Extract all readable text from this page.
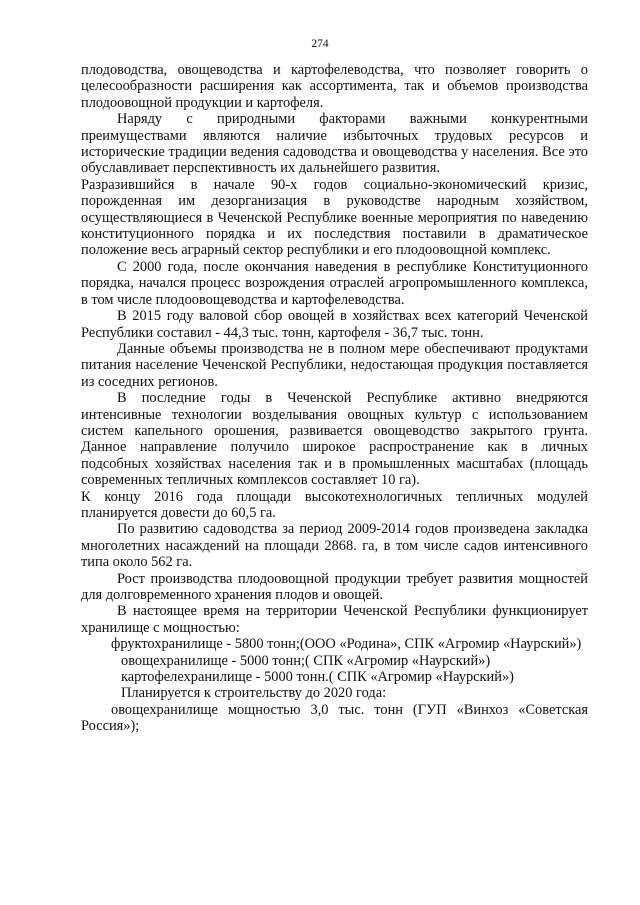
274

плодоводства, овощеводства и картофелеводства, что позволяет говорить о целесообразности расширения как ассортимента, так и объемов производства плодоовощной продукции и картофеля.

Наряду с природными факторами важными конкурентными преимуществами являются наличие избыточных трудовых ресурсов и исторические традиции ведения садоводства и овощеводства у населения. Все это обуславливает перспективность их дальнейшего развития.

Разразившийся в начале 90-х годов социально-экономический кризис, порожденная им дезорганизация в руководстве народным хозяйством, осуществляющиеся в Чеченской Республике военные мероприятия по наведению конституционного порядка и их последствия поставили в драматическое положение весь аграрный сектор республики и его плодоовощной комплекс.

С 2000 года, после окончания наведения в республике Конституционного порядка, начался процесс возрождения отраслей агропромышленного комплекса, в том числе плодоовощеводства и картофелеводства.

В 2015 году валовой сбор овощей в хозяйствах всех категорий Чеченской Республики составил - 44,3 тыс. тонн, картофеля - 36,7 тыс. тонн.

Данные объемы производства не в полном мере обеспечивают продуктами питания население Чеченской Республики, недостающая продукция поставляется из соседних регионов.

В последние годы в Чеченской Республике активно внедряются интенсивные технологии возделывания овощных культур с использованием систем капельного орошения, развивается овощеводство закрытого грунта. Данное направление получило широкое распространение как в личных подсобных хозяйствах населения так и в промышленных масштабах (площадь современных тепличных комплексов составляет 10 га).

К концу 2016 года площади высокотехнологичных тепличных модулей планируется довести до 60,5 га.

По развитию садоводства за период 2009-2014 годов произведена закладка многолетних насаждений на площади 2868. га, в том числе садов интенсивного типа около 562 га.

Рост производства плодоовощной продукции требует развития мощностей для долговременного хранения плодов и овощей.

В настоящее время на территории Чеченской Республики функционирует хранилище с мощностью:

фруктохранилище - 5800 тонн;(ООО «Родина», СПК «Агромир «Наурский»)

овощехранилище - 5000 тонн;( СПК «Агромир «Наурский»)

картофелехранилище - 5000 тонн.( СПК «Агромир «Наурский»)

Планируется к строительству до 2020 года:

овощехранилище мощностью 3,0 тыс. тонн (ГУП «Винхоз «Советская Россия»);
